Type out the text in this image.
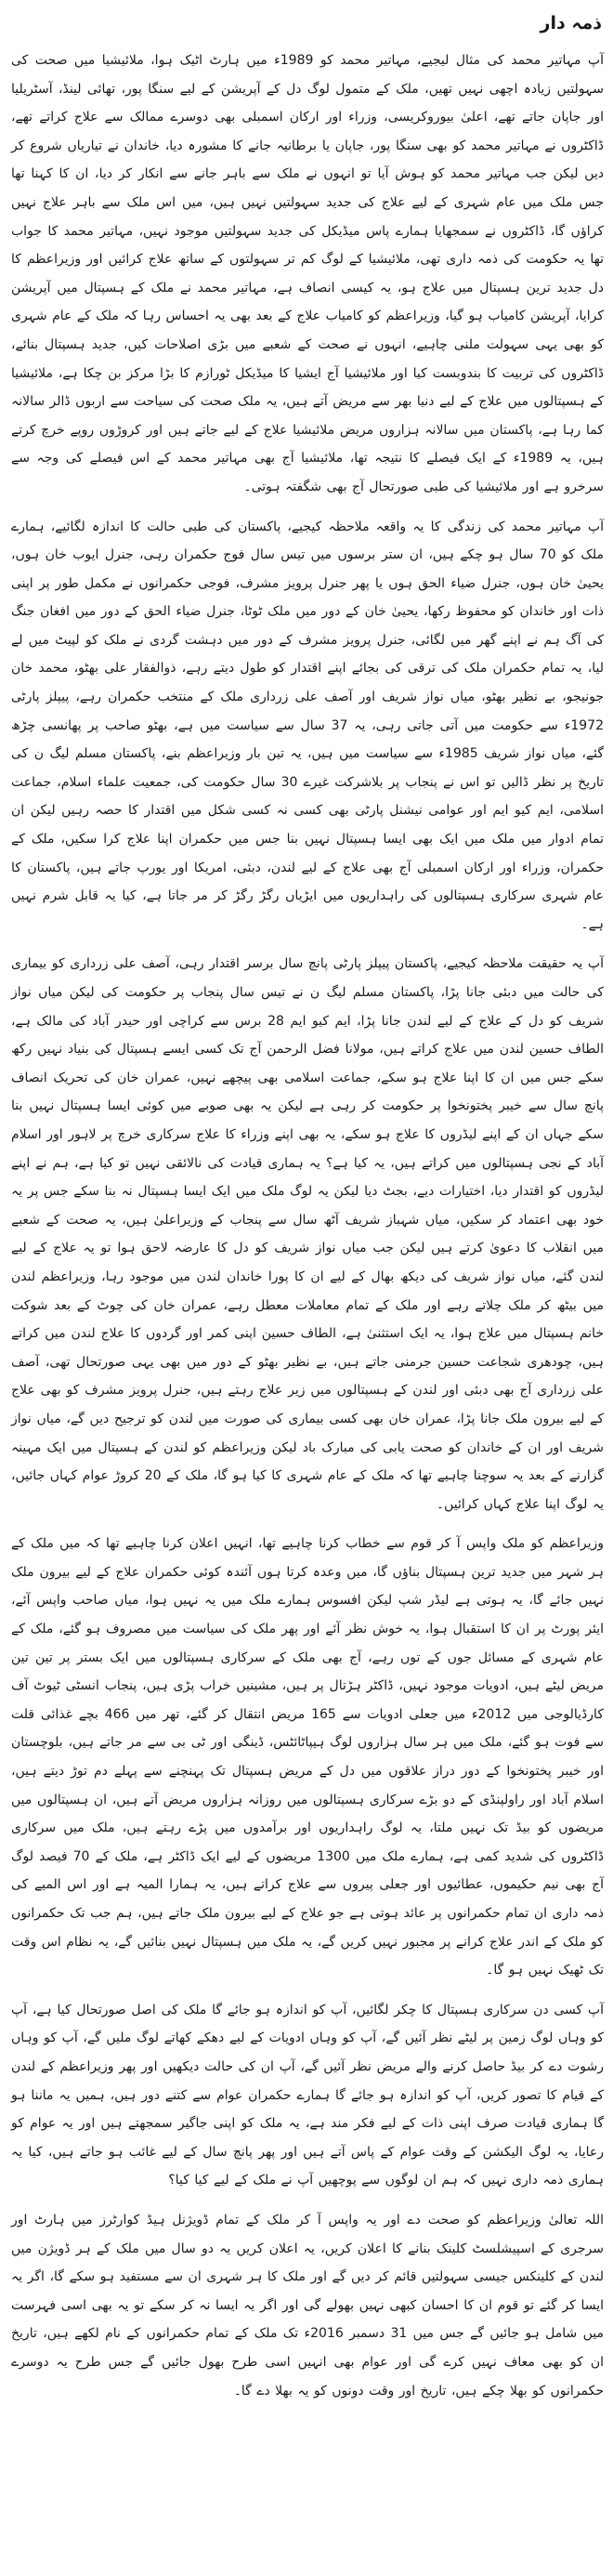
ذمہ دار

آپ مہاتیر محمد کی مثال لیجیے، مہاتیر محمد کو 1989ء میں ہارٹ اٹیک ہوا، ملائیشیا میں صحت کی سہولتیں زیادہ اچھی نہیں تھیں، ملک کے متمول لوگ دل کے آپریشن کے لیے سنگا پور، تھائی لینڈ، آسٹریلیا اور جاپان جاتے تھے، اعلیٰ بیوروکریسی، وزراء اور ارکان اسمبلی بھی دوسرے ممالک سے علاج کراتے تھے، ڈاکٹروں نے مہاتیر محمد کو بھی سنگا پور، جاپان یا برطانیہ جانے کا مشورہ دیا، خاندان نے تیاریاں شروع کر دیں لیکن جب مہاتیر محمد کو ہوش آیا تو انہوں نے ملک سے باہر جانے سے انکار کر دیا، ان کا کہنا تھا جس ملک میں عام شہری کے لیے علاج کی جدید سہولتیں نہیں ہیں، میں اس ملک سے باہر علاج نہیں کراؤں گا، ڈاکٹروں نے سمجھایا ہمارے پاس میڈیکل کی جدید سہولتیں موجود نہیں، مہاتیر محمد کا جواب تھا یہ حکومت کی ذمہ داری تھی، ملائیشیا کے لوگ کم تر سہولتوں کے ساتھ علاج کرائیں اور وزیراعظم کا دل جدید ترین ہسپتال میں علاج ہو، یہ کیسی انصاف ہے، مہاتیر محمد نے ملک کے ہسپتال میں آپریشن کرایا، آپریشن کامیاب ہو گیا، وزیراعظم کو کامیاب علاج کے بعد بھی یہ احساس رہا کہ ملک کے عام شہری کو بھی یہی سہولت ملنی چاہیے، انہوں نے صحت کے شعبے میں بڑی اصلاحات کیں، جدید ہسپتال بنائے، ڈاکٹروں کی تربیت کا بندوبست کیا اور ملائیشیا آج ایشیا کا میڈیکل ٹورازم کا بڑا مرکز بن چکا ہے، ملائیشیا کے ہسپتالوں میں علاج کے لیے دنیا بھر سے مریض آتے ہیں، یہ ملک صحت کی سیاحت سے اربوں ڈالر سالانہ کما رہا ہے، پاکستان میں سالانہ ہزاروں مریض ملائیشیا علاج کے لیے جاتے ہیں اور کروڑوں روپے خرچ کرتے ہیں، یہ 1989ء کے ایک فیصلے کا نتیجہ تھا، ملائیشیا آج بھی مہاتیر محمد کے اس فیصلے کی وجہ سے سرخرو ہے اور ملائیشیا کی طبی صورتحال آج بھی شگفتہ ہوتی۔

آپ مہاتیر محمد کی زندگی کا یہ واقعہ ملاحظہ کیجیے، پاکستان کی طبی حالت کا اندازہ لگائیے، ہمارے ملک کو 70 سال ہو چکے ہیں، ان ستر برسوں میں تیس سال فوج حکمران رہی، جنرل ایوب خان ہوں، یحییٰ خان ہوں، جنرل ضیاء الحق ہوں یا پھر جنرل پرویز مشرف، فوجی حکمرانوں نے مکمل طور پر اپنی ذات اور خاندان کو محفوظ رکھا، یحییٰ خان کے دور میں ملک ٹوٹا، جنرل ضیاء الحق کے دور میں افغان جنگ کی آگ ہم نے اپنے گھر میں لگائی، جنرل پرویز مشرف کے دور میں دہشت گردی نے ملک کو لپیٹ میں لے لیا، یہ تمام حکمران ملک کی ترقی کی بجائے اپنے اقتدار کو طول دیتے رہے، ذوالفقار علی بھٹو، محمد خان جونیجو، بے نظیر بھٹو، میاں نواز شریف اور آصف علی زرداری ملک کے منتخب حکمران رہے، پیپلز پارٹی 1972ء سے حکومت میں آتی جاتی رہی، یہ 37 سال سے سیاست میں ہے، بھٹو صاحب پر پھانسی چڑھ گئے، میاں نواز شریف 1985ء سے سیاست میں ہیں، یہ تین بار وزیراعظم بنے، پاکستان مسلم لیگ ن کی تاریخ پر نظر ڈالیں تو اس نے پنجاب پر بلاشرکت غیرے 30 سال حکومت کی، جمعیت علماء اسلام، جماعت اسلامی، ایم کیو ایم اور عوامی نیشنل پارٹی بھی کسی نہ کسی شکل میں اقتدار کا حصہ رہیں لیکن ان تمام ادوار میں ملک میں ایک بھی ایسا ہسپتال نہیں بنا جس میں حکمران اپنا علاج کرا سکیں، ملک کے حکمران، وزراء اور ارکان اسمبلی آج بھی علاج کے لیے لندن، دبئی، امریکا اور یورپ جاتے ہیں، پاکستان کا عام شہری سرکاری ہسپتالوں کی راہداریوں میں ایڑیاں رگڑ رگڑ کر مر جاتا ہے، کیا یہ قابل شرم نہیں ہے۔

آپ یہ حقیقت ملاحظہ کیجیے، پاکستان پیپلز پارٹی پانچ سال برسر اقتدار رہی، آصف علی زرداری کو بیماری کی حالت میں دبئی جانا پڑا، پاکستان مسلم لیگ ن نے تیس سال پنجاب پر حکومت کی لیکن میاں نواز شریف کو دل کے علاج کے لیے لندن جانا پڑا، ایم کیو ایم 28 برس سے کراچی اور حیدر آباد کی مالک ہے، الطاف حسین لندن میں علاج کراتے ہیں، مولانا فضل الرحمن آج تک کسی ایسے ہسپتال کی بنیاد نہیں رکھ سکے جس میں ان کا اپنا علاج ہو سکے، جماعت اسلامی بھی پیچھے نہیں، عمران خان کی تحریک انصاف پانچ سال سے خیبر پختونخوا پر حکومت کر رہی ہے لیکن یہ بھی صوبے میں کوئی ایسا ہسپتال نہیں بنا سکے جہاں ان کے اپنے لیڈروں کا علاج ہو سکے، یہ بھی اپنے وزراء کا علاج سرکاری خرچ پر لاہور اور اسلام آباد کے نجی ہسپتالوں میں کراتے ہیں، یہ کیا ہے؟ یہ ہماری قیادت کی نالائقی نہیں تو کیا ہے، ہم نے اپنے لیڈروں کو اقتدار دیا، اختیارات دیے، بجٹ دیا لیکن یہ لوگ ملک میں ایک ایسا ہسپتال نہ بنا سکے جس پر یہ خود بھی اعتماد کر سکیں، میاں شہباز شریف آٹھ سال سے پنجاب کے وزیراعلیٰ ہیں، یہ صحت کے شعبے میں انقلاب کا دعویٰ کرتے ہیں لیکن جب میاں نواز شریف کو دل کا عارضہ لاحق ہوا تو یہ علاج کے لیے لندن گئے، میاں نواز شریف کی دیکھ بھال کے لیے ان کا پورا خاندان لندن میں موجود رہا، وزیراعظم لندن میں بیٹھ کر ملک چلاتے رہے اور ملک کے تمام معاملات معطل رہے، عمران خان کی چوٹ کے بعد شوکت خانم ہسپتال میں علاج ہوا، یہ ایک استثنیٰ ہے، الطاف حسین اپنی کمر اور گردوں کا علاج لندن میں کراتے ہیں، چودھری شجاعت حسین جرمنی جاتے ہیں، بے نظیر بھٹو کے دور میں بھی یہی صورتحال تھی، آصف علی زرداری آج بھی دبئی اور لندن کے ہسپتالوں میں زیر علاج رہتے ہیں، جنرل پرویز مشرف کو بھی علاج کے لیے بیرون ملک جانا پڑا، عمران خان بھی کسی بیماری کی صورت میں لندن کو ترجیح دیں گے، میاں نواز شریف اور ان کے خاندان کو صحت یابی کی مبارک باد لیکن وزیراعظم کو لندن کے ہسپتال میں ایک مہینہ گزارنے کے بعد یہ سوچنا چاہیے تھا کہ ملک کے عام شہری کا کیا ہو گا، ملک کے 20 کروڑ عوام کہاں جائیں، یہ لوگ اپنا علاج کہاں کرائیں۔

وزیراعظم کو ملک واپس آ کر قوم سے خطاب کرنا چاہیے تھا، انہیں اعلان کرنا چاہیے تھا کہ میں ملک کے ہر شہر میں جدید ترین ہسپتال بناؤں گا، میں وعدہ کرتا ہوں آئندہ کوئی حکمران علاج کے لیے بیرون ملک نہیں جائے گا، یہ ہوتی ہے لیڈر شپ لیکن افسوس ہمارے ملک میں یہ نہیں ہوا، میاں صاحب واپس آئے، ایئر پورٹ پر ان کا استقبال ہوا، یہ خوش نظر آئے اور پھر ملک کی سیاست میں مصروف ہو گئے، ملک کے عام شہری کے مسائل جوں کے توں رہے، آج بھی ملک کے سرکاری ہسپتالوں میں ایک بستر پر تین تین مریض لیٹے ہیں، ادویات موجود نہیں، ڈاکٹر ہڑتال پر ہیں، مشینیں خراب پڑی ہیں، پنجاب انسٹی ٹیوٹ آف کارڈیالوجی میں 2012ء میں جعلی ادویات سے 165 مریض انتقال کر گئے، تھر میں 466 بچے غذائی قلت سے فوت ہو گئے، ملک میں ہر سال ہزاروں لوگ ہیپاٹائٹس، ڈینگی اور ٹی بی سے مر جاتے ہیں، بلوچستان اور خیبر پختونخوا کے دور دراز علاقوں میں دل کے مریض ہسپتال تک پہنچنے سے پہلے دم توڑ دیتے ہیں، اسلام آباد اور راولپنڈی کے دو بڑے سرکاری ہسپتالوں میں روزانہ ہزاروں مریض آتے ہیں، ان ہسپتالوں میں مریضوں کو بیڈ تک نہیں ملتا، یہ لوگ راہداریوں اور برآمدوں میں پڑے رہتے ہیں، ملک میں سرکاری ڈاکٹروں کی شدید کمی ہے، ہمارے ملک میں 1300 مریضوں کے لیے ایک ڈاکٹر ہے، ملک کے 70 فیصد لوگ آج بھی نیم حکیموں، عطائیوں اور جعلی پیروں سے علاج کراتے ہیں، یہ ہمارا المیہ ہے اور اس المیے کی ذمہ داری ان تمام حکمرانوں پر عائد ہوتی ہے جو علاج کے لیے بیرون ملک جاتے ہیں، ہم جب تک حکمرانوں کو ملک کے اندر علاج کرانے پر مجبور نہیں کریں گے، یہ ملک میں ہسپتال نہیں بنائیں گے، یہ نظام اس وقت تک ٹھیک نہیں ہو گا۔

آپ کسی دن سرکاری ہسپتال کا چکر لگائیں، آپ کو اندازہ ہو جائے گا ملک کی اصل صورتحال کیا ہے، آپ کو وہاں لوگ زمین پر لیٹے نظر آئیں گے، آپ کو وہاں ادویات کے لیے دھکے کھاتے لوگ ملیں گے، آپ کو وہاں رشوت دے کر بیڈ حاصل کرنے والے مریض نظر آئیں گے، آپ ان کی حالت دیکھیں اور پھر وزیراعظم کے لندن کے قیام کا تصور کریں، آپ کو اندازہ ہو جائے گا ہمارے حکمران عوام سے کتنے دور ہیں، ہمیں یہ ماننا ہو گا ہماری قیادت صرف اپنی ذات کے لیے فکر مند ہے، یہ ملک کو اپنی جاگیر سمجھتے ہیں اور یہ عوام کو رعایا، یہ لوگ الیکشن کے وقت عوام کے پاس آتے ہیں اور پھر پانچ سال کے لیے غائب ہو جاتے ہیں، کیا یہ ہماری ذمہ داری نہیں کہ ہم ان لوگوں سے پوچھیں آپ نے ملک کے لیے کیا کیا؟

اللہ تعالیٰ وزیراعظم کو صحت دے اور یہ واپس آ کر ملک کے تمام ڈویژنل ہیڈ کوارٹرز میں ہارٹ اور سرجری کے اسپیشلسٹ کلینک بنانے کا اعلان کریں، یہ اعلان کریں یہ دو سال میں ملک کے ہر ڈویژن میں لندن کے کلینکس جیسی سہولتیں قائم کر دیں گے اور ملک کا ہر شہری ان سے مستفید ہو سکے گا، اگر یہ ایسا کر گئے تو قوم ان کا احسان کبھی نہیں بھولے گی اور اگر یہ ایسا نہ کر سکے تو یہ بھی اسی فہرست میں شامل ہو جائیں گے جس میں 31 دسمبر 2016ء تک ملک کے تمام حکمرانوں کے نام لکھے ہیں، تاریخ ان کو بھی معاف نہیں کرے گی اور عوام بھی انہیں اسی طرح بھول جائیں گے جس طرح یہ دوسرے حکمرانوں کو بھلا چکے ہیں، تاریخ اور وقت دونوں کو یہ بھلا دے گا۔
